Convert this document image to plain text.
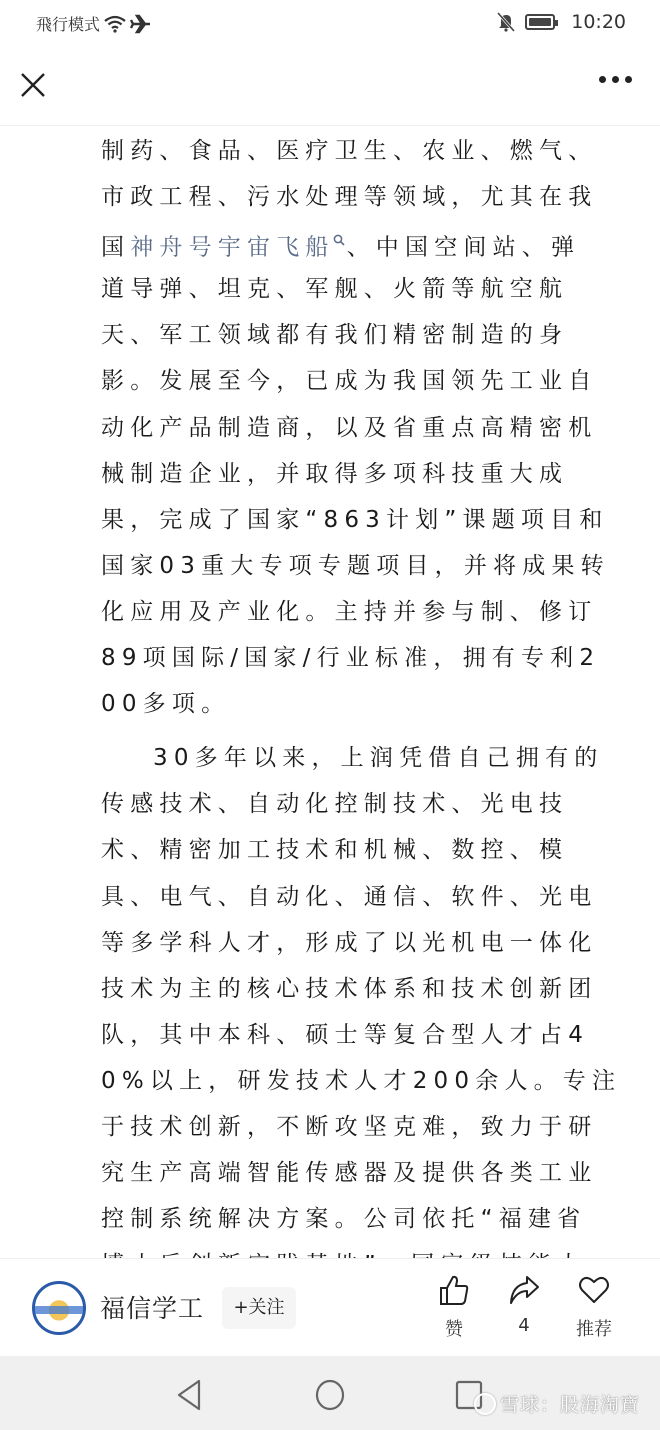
飛行模式	10:20
制药、食品、医疗卫生、农业、燃气、
市政工程、污水处理等领域，尤其在我
国神舟号宇宙飞船 、中国空间站、弹
道导弹、坦克、军舰、火箭等航空航
天、军工领域都有我们精密制造的身
影。发展至今，已成为我国领先工业自
动化产品制造商，以及省重点高精密机
械制造企业，并取得多项科技重大成
果，完成了国家“863计划”课题项目和
国家03重大专项专题项目，并将成果转
化应用及产业化。主持并参与制、修订
89项国际/国家/行业标准，拥有专利2
00多项。
30多年以来，上润凭借自己拥有的
传感技术、自动化控制技术、光电技
术、精密加工技术和机械、数控、模
具、电气、自动化、通信、软件、光电
等多学科人才，形成了以光机电一体化
技术为主的核心技术体系和技术创新团
队，其中本科、硕士等复合型人才占4
0%以上，研发技术人才200余人。专注
于技术创新，不断攻坚克难，致力于研
究生产高端智能传感器及提供各类工业
控制系统解决方案。公司依托“福建省
福信学工	+关注
赞	4	推荐
雪球：股海淘寶
